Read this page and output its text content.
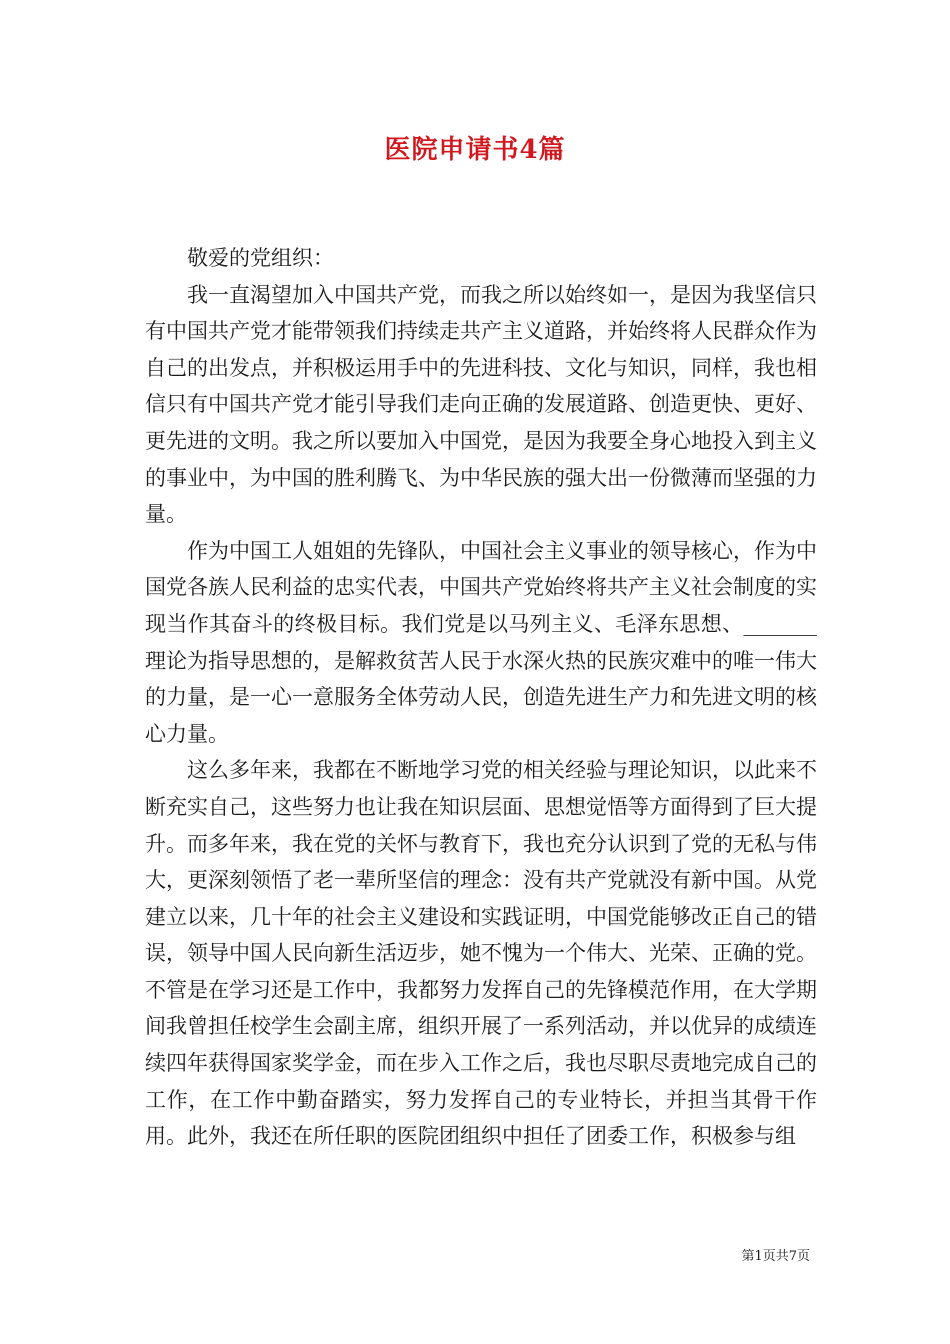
医院申请书4篇

敬爱的党组织：

我一直渴望加入中国共产党，而我之所以始终如一，是因为我坚信只有中国共产党才能带领我们持续走共产主义道路，并始终将人民群众作为自己的出发点，并积极运用手中的先进科技、文化与知识，同样，我也相信只有中国共产党才能引导我们走向正确的发展道路、创造更快、更好、更先进的文明。我之所以要加入中国党，是因为我要全身心地投入到主义的事业中，为中国的胜利腾飞、为中华民族的强大出一份微薄而坚强的力量。

作为中国工人姐姐的先锋队，中国社会主义事业的领导核心，作为中国党各族人民利益的忠实代表，中国共产党始终将共产主义社会制度的实现当作其奋斗的终极目标。我们党是以马列主义、毛泽东思想、_______理论为指导思想的，是解救贫苦人民于水深火热的民族灾难中的唯一伟大的力量，是一心一意服务全体劳动人民，创造先进生产力和先进文明的核心力量。

这么多年来，我都在不断地学习党的相关经验与理论知识，以此来不断充实自己，这些努力也让我在知识层面、思想觉悟等方面得到了巨大提升。而多年来，我在党的关怀与教育下，我也充分认识到了党的无私与伟大，更深刻领悟了老一辈所坚信的理念：没有共产党就没有新中国。从党建立以来，几十年的社会主义建设和实践证明，中国党能够改正自己的错误，领导中国人民向新生活迈步，她不愧为一个伟大、光荣、正确的党。不管是在学习还是工作中，我都努力发挥自己的先锋模范作用，在大学期间我曾担任校学生会副主席，组织开展了一系列活动，并以优异的成绩连续四年获得国家奖学金，而在步入工作之后，我也尽职尽责地完成自己的工作，在工作中勤奋踏实，努力发挥自己的专业特长，并担当其骨干作用。此外，我还在所任职的医院团组织中担任了团委工作，积极参与组

第1页共7页
